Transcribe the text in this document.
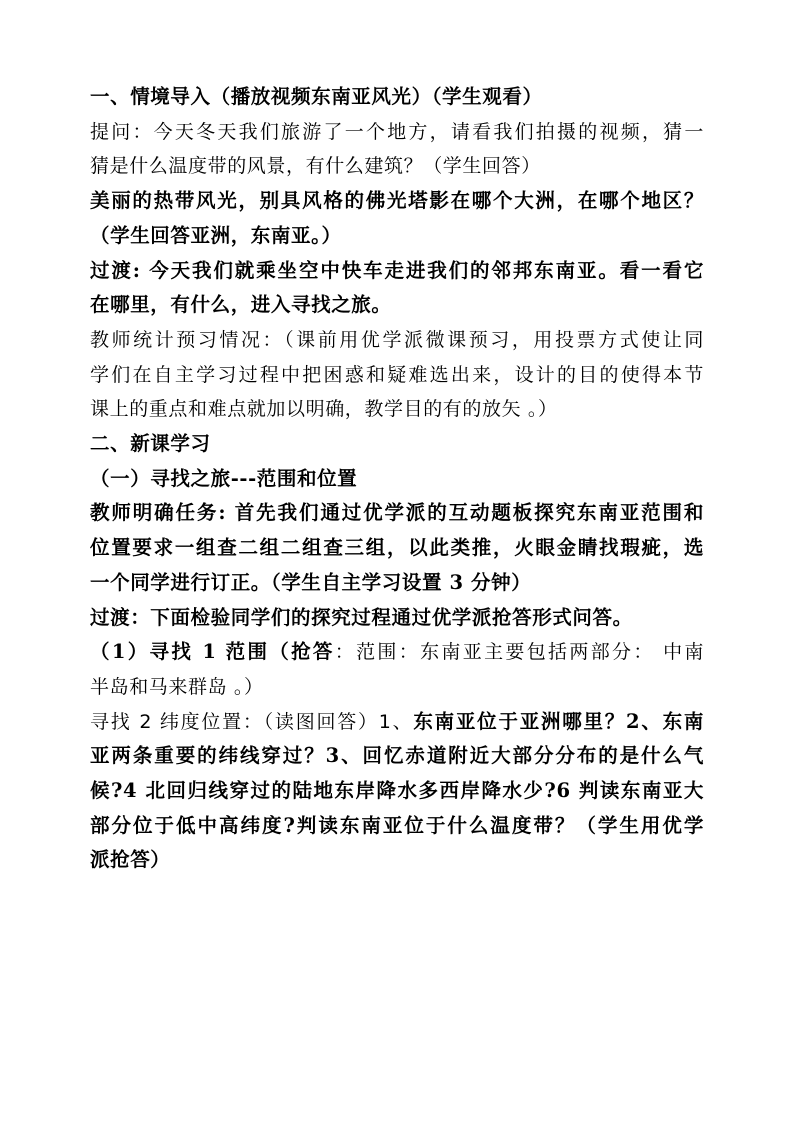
一、情境导入（播放视频东南亚风光）（学生观看）
提问：今天冬天我们旅游了一个地方，请看我们拍摄的视频，猜一
猜是什么温度带的风景，有什么建筑？（学生回答）
美丽的热带风光，别具风格的佛光塔影在哪个大洲，在哪个地区？
（学生回答亚洲，东南亚。）
过渡: 今天我们就乘坐空中快车走进我们的邻邦东南亚。看一看它
在哪里，有什么，进入寻找之旅。
教师统计预习情况：（课前用优学派微课预习，用投票方式使让同
学们在自主学习过程中把困惑和疑难选出来，设计的目的使得本节
课上的重点和难点就加以明确，教学目的有的放矢 。）
二、新课学习
（一）寻找之旅---范围和位置
教师明确任务: 首先我们通过优学派的互动题板探究东南亚范围和
位置要求一组查二组二组查三组，以此类推，火眼金睛找瑕疵，选
一个同学进行订正。（学生自主学习设置 3 分钟）
过渡：下面检验同学们的探究过程通过优学派抢答形式问答。
（1）寻找 1 范围（抢答：范围：东南亚主要包括两部分： 中南
半岛和马来群岛 。）
寻找 2 纬度位置：（读图回答）1、东南亚位于亚洲哪里？2、东南
亚两条重要的纬线穿过？3、回忆赤道附近大部分分布的是什么气
候?4 北回归线穿过的陆地东岸降水多西岸降水少?6 判读东南亚大
部分位于低中高纬度?判读东南亚位于什么温度带？（学生用优学
派抢答）
